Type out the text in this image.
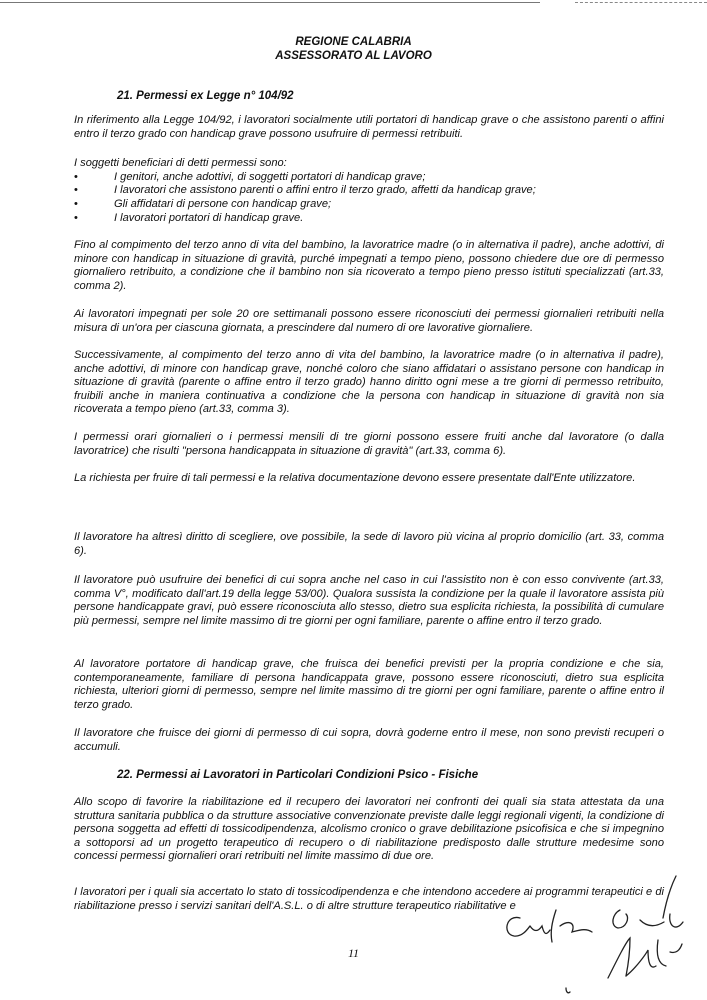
REGIONE CALABRIA
ASSESSORATO AL LAVORO
21. Permessi ex Legge n° 104/92

In riferimento alla Legge 104/92, i lavoratori socialmente utili portatori di handicap grave o che assistono parenti o affini entro il terzo grado con handicap grave possono usufruire di permessi retribuiti.

I soggetti beneficiari di detti permessi sono:
•	I genitori, anche adottivi, di soggetti portatori di handicap grave;
•	I lavoratori che assistono parenti o affini entro il terzo grado, affetti da handicap grave;
•	Gli affidatari di persone con handicap grave;
•	I lavoratori portatori di handicap grave.

Fino al compimento del terzo anno di vita del bambino, la lavoratrice madre (o in alternativa il padre), anche adottivi, di minore con handicap in situazione di gravità, purché impegnati a tempo pieno, possono chiedere due ore di permesso giornaliero retribuito, a condizione che il bambino non sia ricoverato a tempo pieno presso istituti specializzati (art.33, comma 2).

Ai lavoratori impegnati per sole 20 ore settimanali possono essere riconosciuti dei permessi giornalieri retribuiti nella misura di un'ora per ciascuna giornata, a prescindere dal numero di ore lavorative giornaliere.

Successivamente, al compimento del terzo anno di vita del bambino, la lavoratrice madre (o in alternativa il padre), anche adottivi, di minore con handicap grave, nonché coloro che siano affidatari o assistano persone con handicap in situazione di gravità (parente o affine entro il terzo grado) hanno diritto ogni mese a tre giorni di permesso retribuito, fruibili anche in maniera continuativa a condizione che la persona con handicap in situazione di gravità non sia ricoverata a tempo pieno (art.33, comma 3).

I permessi orari giornalieri o i permessi mensili di tre giorni possono essere fruiti anche dal lavoratore (o dalla lavoratrice) che risulti "persona handicappata in situazione di gravità" (art.33, comma 6).

La richiesta per fruire di tali permessi e la relativa documentazione devono essere presentate dall'Ente utilizzatore.

Il lavoratore ha altresì diritto di scegliere, ove possibile, la sede di lavoro più vicina al proprio domicilio (art. 33, comma 6).

Il lavoratore può usufruire dei benefici di cui sopra anche nel caso in cui l'assistito non è con esso convivente (art.33, comma V°, modificato dall'art.19 della legge 53/00). Qualora sussista la condizione per la quale il lavoratore assista più persone handicappate gravi, può essere riconosciuta allo stesso, dietro sua esplicita richiesta, la possibilità di cumulare più permessi, sempre nel limite massimo di tre giorni per ogni familiare, parente o affine entro il terzo grado.

Al lavoratore portatore di handicap grave, che fruisca dei benefici previsti per la propria condizione e che sia, contemporaneamente, familiare di persona handicappata grave, possono essere riconosciuti, dietro sua esplicita richiesta, ulteriori giorni di permesso, sempre nel limite massimo di tre giorni per ogni familiare, parente o affine entro il terzo grado.

Il lavoratore che fruisce dei giorni di permesso di cui sopra, dovrà goderne entro il mese, non sono previsti recuperi o accumuli.

22. Permessi ai Lavoratori in Particolari Condizioni Psico - Fisiche

Allo scopo di favorire la riabilitazione ed il recupero dei lavoratori nei confronti dei quali sia stata attestata da una struttura sanitaria pubblica o da strutture associative convenzionate previste dalle leggi regionali vigenti, la condizione di persona soggetta ad effetti di tossicodipendenza, alcolismo cronico o grave debilitazione psicofisica e che si impegnino a sottoporsi ad un progetto terapeutico di recupero o di riabilitazione predisposto dalle strutture medesime sono concessi permessi giornalieri orari retribuiti nel limite massimo di due ore.

I lavoratori per i quali sia accertato lo stato di tossicodipendenza e che intendono accedere ai programmi terapeutici e di riabilitazione presso i servizi sanitari dell'A.S.L. o di altre strutture terapeutico riabilitative e

11
